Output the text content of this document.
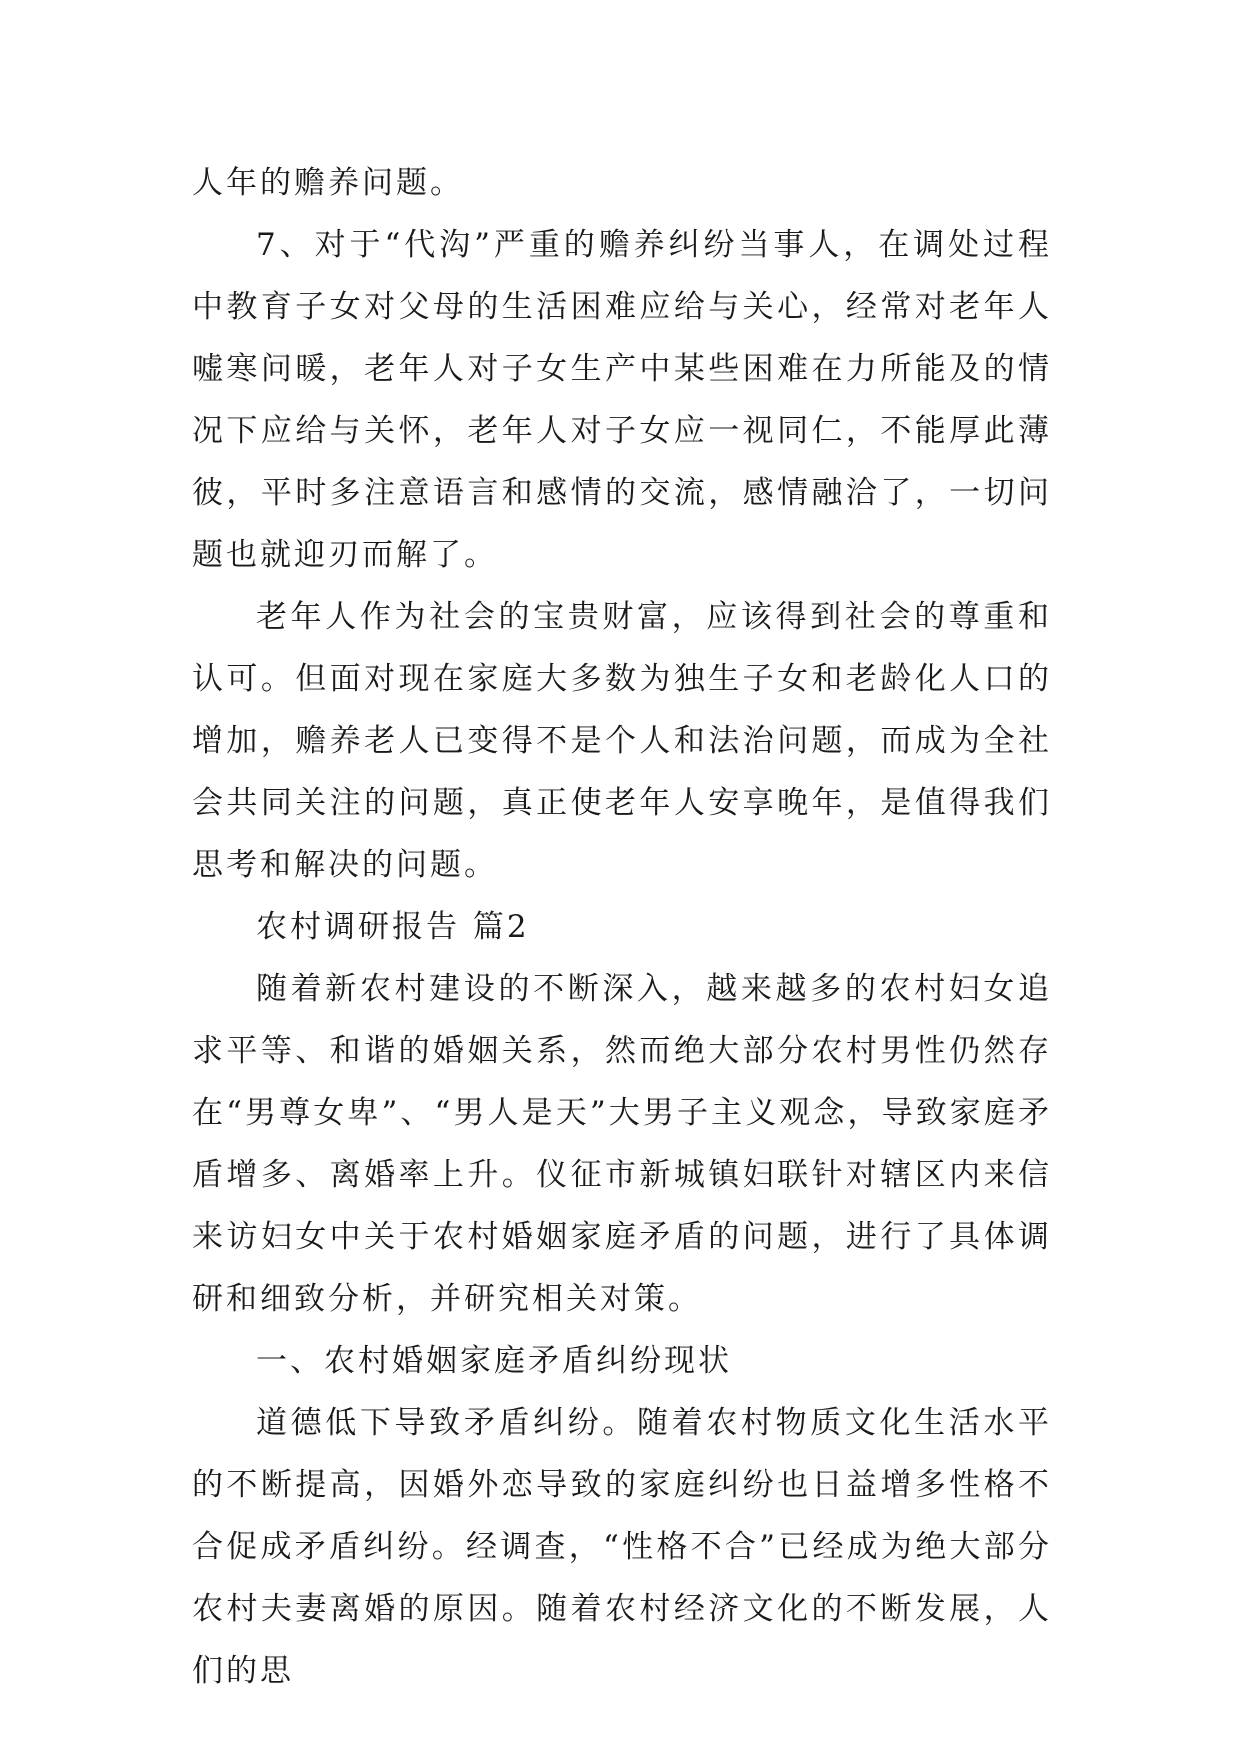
人年的赡养问题。

7、对于“代沟”严重的赡养纠纷当事人，在调处过程中教育子女对父母的生活困难应给与关心，经常对老年人嘘寒问暖，老年人对子女生产中某些困难在力所能及的情况下应给与关怀，老年人对子女应一视同仁，不能厚此薄彼，平时多注意语言和感情的交流，感情融洽了，一切问题也就迎刃而解了。

老年人作为社会的宝贵财富，应该得到社会的尊重和认可。但面对现在家庭大多数为独生子女和老龄化人口的增加，赡养老人已变得不是个人和法治问题，而成为全社会共同关注的问题，真正使老年人安享晚年，是值得我们思考和解决的问题。

农村调研报告 篇2

随着新农村建设的不断深入，越来越多的农村妇女追求平等、和谐的婚姻关系，然而绝大部分农村男性仍然存在“男尊女卑”、“男人是天”大男子主义观念，导致家庭矛盾增多、离婚率上升。仪征市新城镇妇联针对辖区内来信来访妇女中关于农村婚姻家庭矛盾的问题，进行了具体调研和细致分析，并研究相关对策。

一、农村婚姻家庭矛盾纠纷现状

道德低下导致矛盾纠纷。随着农村物质文化生活水平的不断提高，因婚外恋导致的家庭纠纷也日益增多性格不合促成矛盾纠纷。经调查，“性格不合”已经成为绝大部分农村夫妻离婚的原因。随着农村经济文化的不断发展，人们的思
